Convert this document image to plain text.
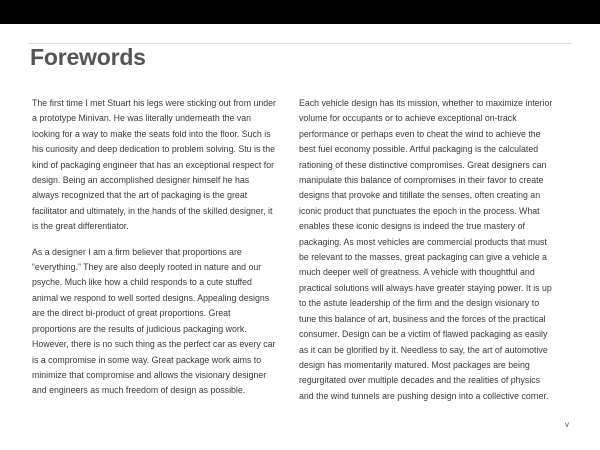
Forewords

The first time I met Stuart his legs were sticking out from under a prototype Minivan. He was literally underneath the van looking for a way to make the seats fold into the floor. Such is his curiosity and deep dedication to problem solving. Stu is the kind of packaging engineer that has an exceptional respect for design. Being an accomplished designer himself he has always recognized that the art of packaging is the great facilitator and ultimately, in the hands of the skilled designer, it is the great differentiator.

As a designer I am a firm believer that proportions are “everything.” They are also deeply rooted in nature and our psyche. Much like how a child responds to a cute stuffed animal we respond to well sorted designs. Appealing designs are the direct bi-product of great proportions. Great proportions are the results of judicious packaging work. However, there is no such thing as the perfect car as every car is a compromise in some way. Great package work aims to minimize that compromise and allows the visionary designer and engineers as much freedom of design as possible.

Each vehicle design has its mission, whether to maximize interior volume for occupants or to achieve exceptional on-track performance or perhaps even to cheat the wind to achieve the best fuel economy possible. Artful packaging is the calculated rationing of these distinctive compromises. Great designers can manipulate this balance of compromises in their favor to create designs that provoke and titillate the senses, often creating an iconic product that punctuates the epoch in the process. What enables these iconic designs is indeed the true mastery of packaging. As most vehicles are commercial products that must be relevant to the masses, great packaging can give a vehicle a much deeper well of greatness. A vehicle with thoughtful and practical solutions will always have greater staying power. It is up to the astute leadership of the firm and the design visionary to tune this balance of art, business and the forces of the practical consumer. Design can be a victim of flawed packaging as easily as it can be glorified by it. Needless to say, the art of automotive design has momentarily matured. Most packages are being regurgitated over multiple decades and the realities of physics and the wind tunnels are pushing design into a collective corner.

v
